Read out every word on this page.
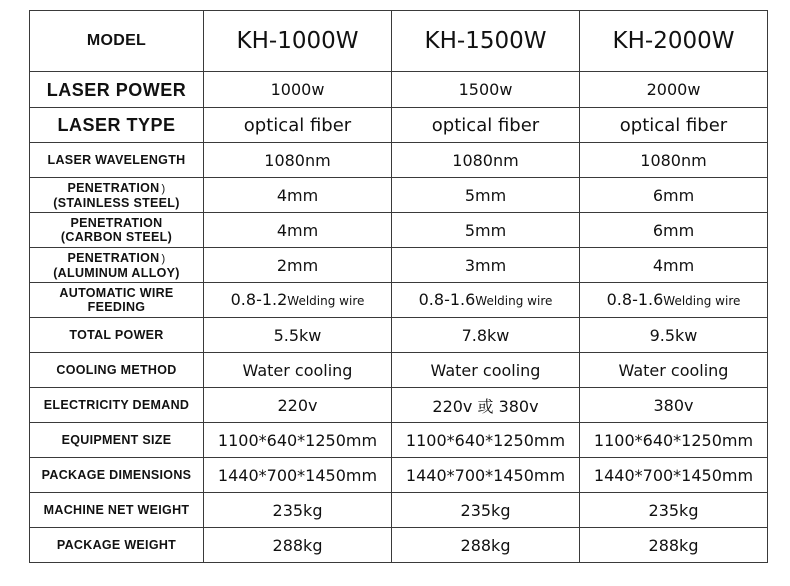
MODEL	KH-1000W	KH-1500W	KH-2000W
LASER POWER	1000w	1500w	2000w
LASER TYPE	optical fiber	optical fiber	optical fiber
LASER WAVELENGTH	1080nm	1080nm	1080nm
PENETRATION )
(STAINLESS STEEL)	4mm	5mm	6mm
PENETRATION
(CARBON STEEL)	4mm	5mm	6mm
PENETRATION )
(ALUMINUM ALLOY)	2mm	3mm	4mm
AUTOMATIC WIRE
FEEDING	0.8-1.2Welding wire	0.8-1.6Welding wire	0.8-1.6Welding wire
TOTAL POWER	5.5kw	7.8kw	9.5kw
COOLING METHOD	Water cooling	Water cooling	Water cooling
ELECTRICITY DEMAND	220v	220v 或 380v	380v
EQUIPMENT SIZE	1100*640*1250mm	1100*640*1250mm	1100*640*1250mm
PACKAGE DIMENSIONS	1440*700*1450mm	1440*700*1450mm	1440*700*1450mm
MACHINE NET WEIGHT	235kg	235kg	235kg
PACKAGE WEIGHT	288kg	288kg	288kg
